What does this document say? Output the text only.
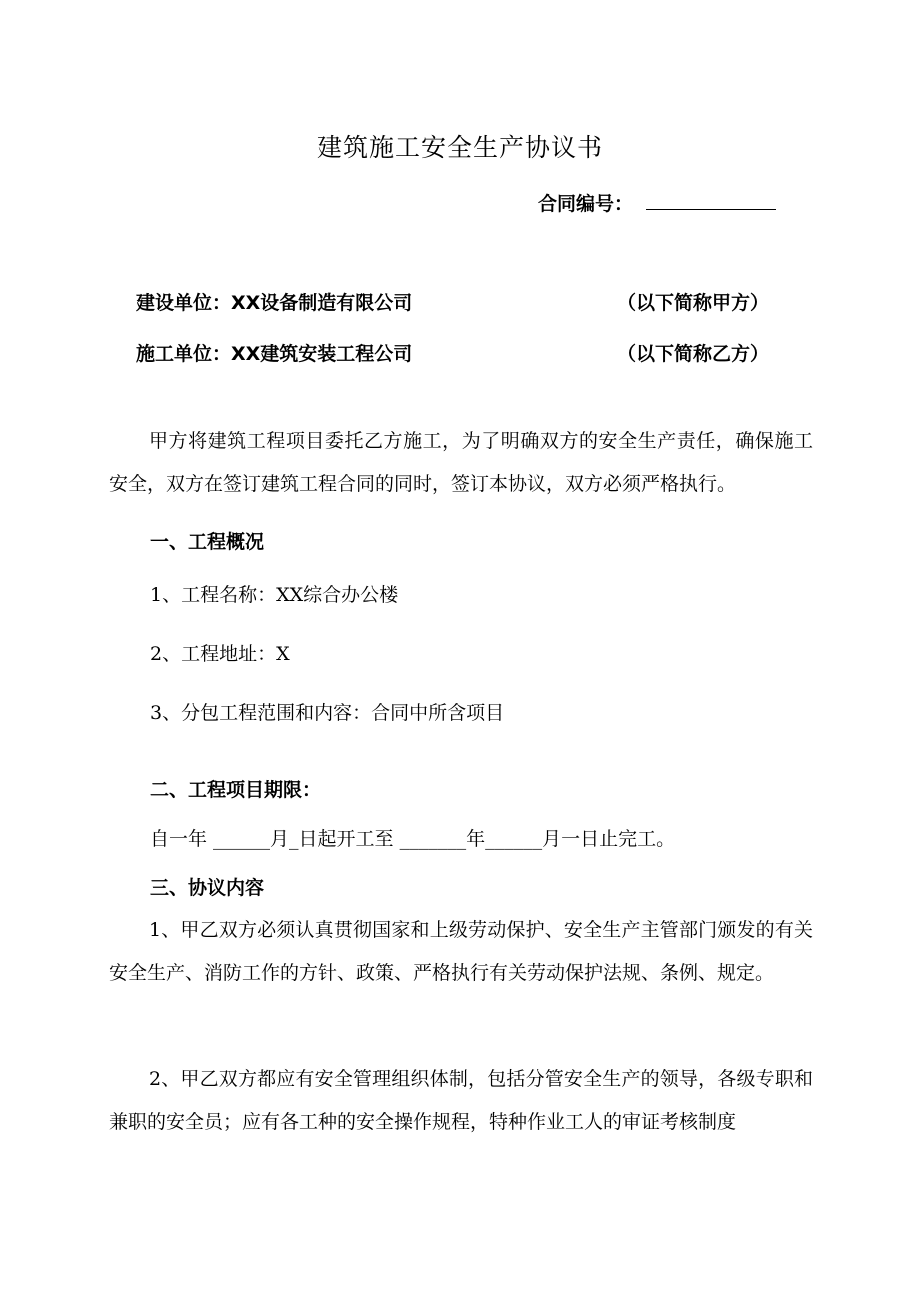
建筑施工安全生产协议书
合同编号：
建设单位：XX设备制造有限公司	（以下简称甲方）
施工单位：XX建筑安装工程公司	（以下简称乙方）
甲方将建筑工程项目委托乙方施工，为了明确双方的安全生产责任，确保施工安全，双方在签订建筑工程合同的同时，签订本协议，双方必须严格执行。
一、工程概况
1、工程名称：XX综合办公楼
2、工程地址：X
3、分包工程范围和内容：合同中所含项目
二、工程项目期限：
自一年 ______月_日起开工至 _______年______月一日止完工。
三、协议内容
1、甲乙双方必须认真贯彻国家和上级劳动保护、安全生产主管部门颁发的有关安全生产、消防工作的方针、政策、严格执行有关劳动保护法规、条例、规定。
2、甲乙双方都应有安全管理组织体制，包括分管安全生产的领导，各级专职和兼职的安全员；应有各工种的安全操作规程，特种作业工人的审证考核制度
